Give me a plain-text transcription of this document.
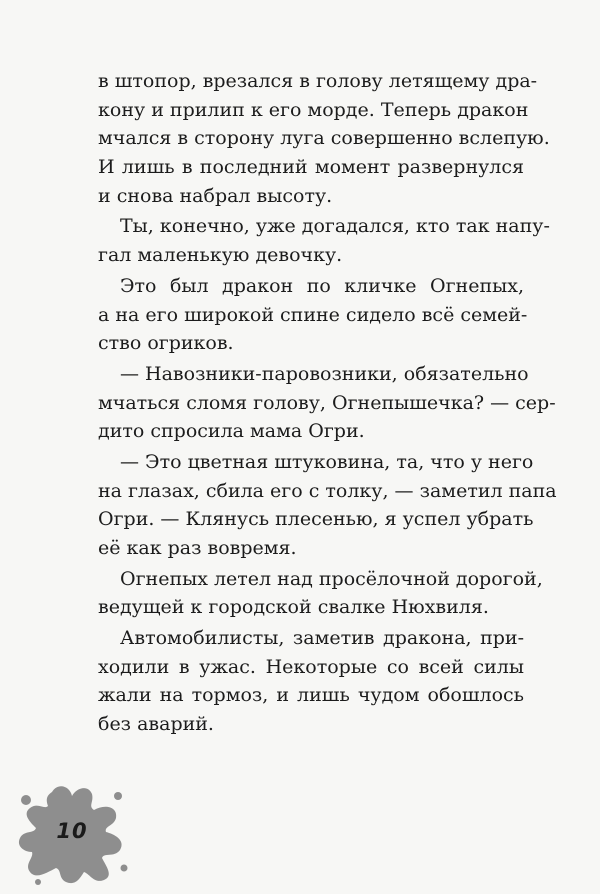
в штопор, врезался в голову летящему дра-
кону и прилип к его морде. Теперь дракон
мчался в сторону луга совершенно вслепую.
И лишь в последний момент развернулся
и снова набрал высоту.
Ты, конечно, уже догадался, кто так напу-
гал маленькую девочку.
Это был дракон по кличке Огнепых,
а на его широкой спине сидело всё семей-
ство огриков.
— Навозники-паровозники, обязательно
мчаться сломя голову, Огнепышечка? — сер-
дито спросила мама Огри.
— Это цветная штуковина, та, что у него
на глазах, сбила его с толку, — заметил папа
Огри. — Клянусь плесенью, я успел убрать
её как раз вовремя.
Огнепых летел над просёлочной дорогой,
ведущей к городской свалке Нюхвиля.
Автомобилисты, заметив дракона, при-
ходили в ужас. Некоторые со всей силы
жали на тормоз, и лишь чудом обошлось
без аварий.
10
